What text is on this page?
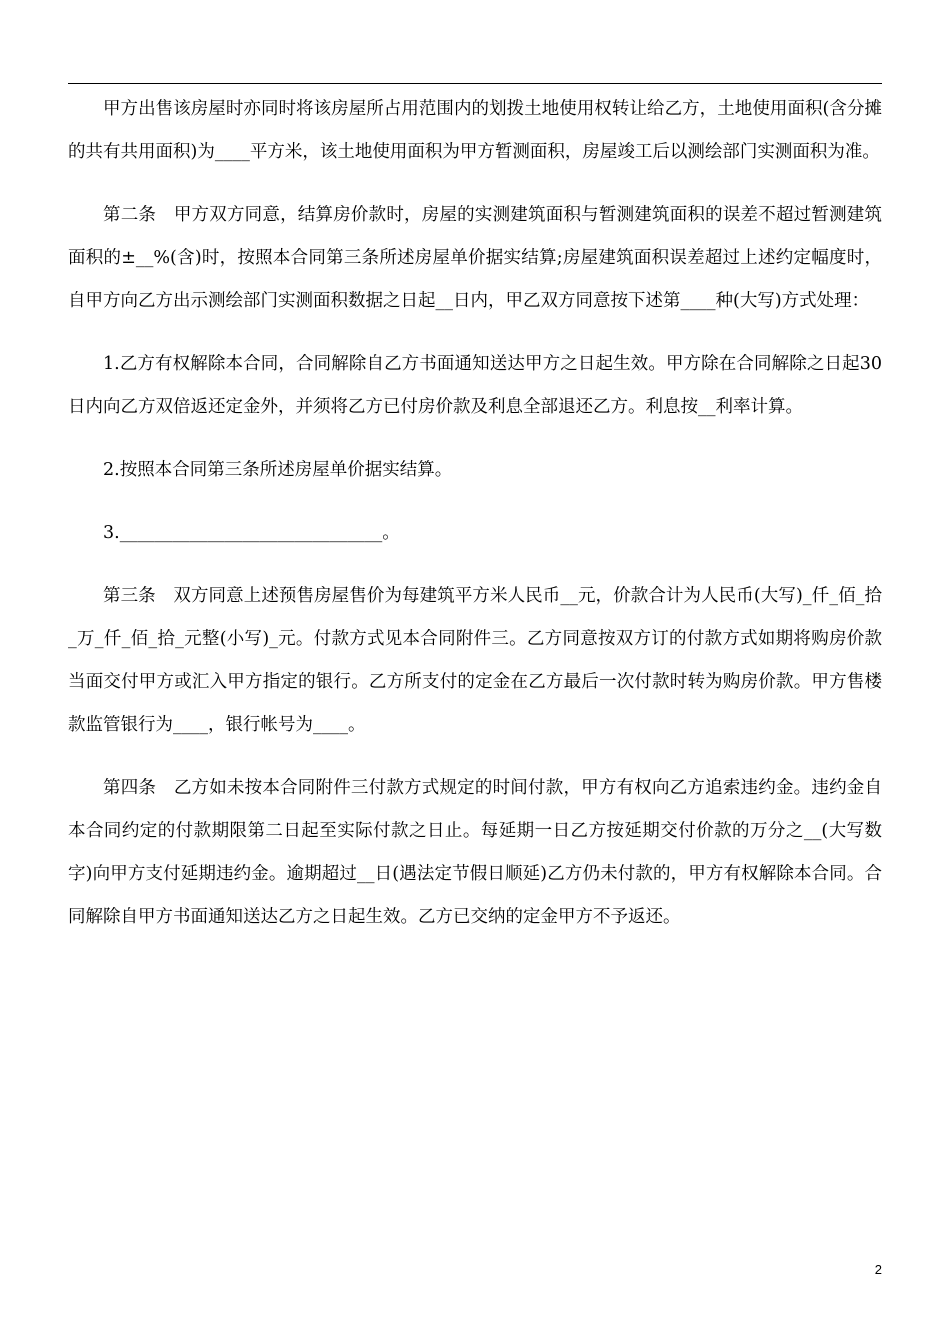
甲方出售该房屋时亦同时将该房屋所占用范围内的划拨土地使用权转让给乙方，土地使用面积(含分摊的共有共用面积)为____平方米，该土地使用面积为甲方暂测面积，房屋竣工后以测绘部门实测面积为准。

第二条　甲方双方同意，结算房价款时，房屋的实测建筑面积与暂测建筑面积的误差不超过暂测建筑面积的±__%(含)时，按照本合同第三条所述房屋单价据实结算;房屋建筑面积误差超过上述约定幅度时，自甲方向乙方出示测绘部门实测面积数据之日起__日内，甲乙双方同意按下述第____种(大写)方式处理：

1.乙方有权解除本合同，合同解除自乙方书面通知送达甲方之日起生效。甲方除在合同解除之日起30日内向乙方双倍返还定金外，并须将乙方已付房价款及利息全部退还乙方。利息按__利率计算。

2.按照本合同第三条所述房屋单价据实结算。

3.______________________________。

第三条　双方同意上述预售房屋售价为每建筑平方米人民币__元，价款合计为人民币(大写)_仟_佰_拾_万_仟_佰_拾_元整(小写)_元。付款方式见本合同附件三。乙方同意按双方订的付款方式如期将购房价款当面交付甲方或汇入甲方指定的银行。乙方所支付的定金在乙方最后一次付款时转为购房价款。甲方售楼款监管银行为____，银行帐号为____。

第四条　乙方如未按本合同附件三付款方式规定的时间付款，甲方有权向乙方追索违约金。违约金自本合同约定的付款期限第二日起至实际付款之日止。每延期一日乙方按延期交付价款的万分之__(大写数字)向甲方支付延期违约金。逾期超过__日(遇法定节假日顺延)乙方仍未付款的，甲方有权解除本合同。合同解除自甲方书面通知送达乙方之日起生效。乙方已交纳的定金甲方不予返还。

2
